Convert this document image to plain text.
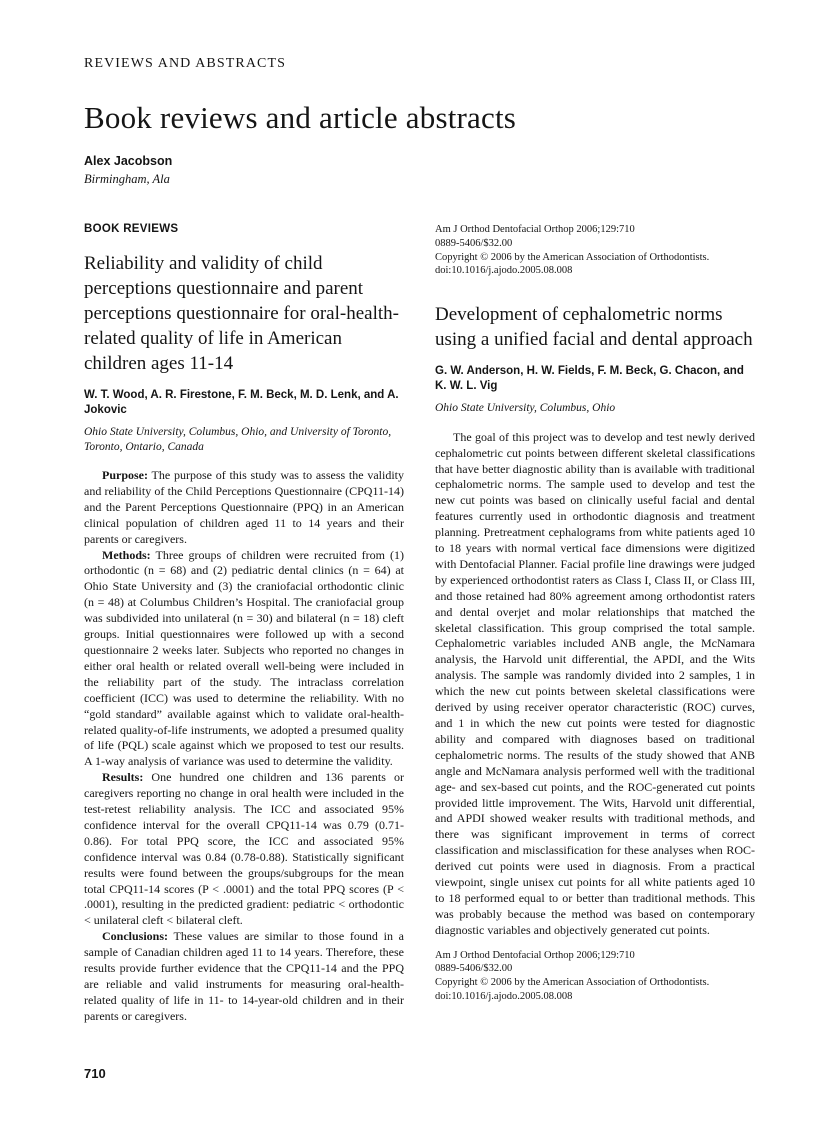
REVIEWS AND ABSTRACTS
Book reviews and article abstracts
Alex Jacobson
Birmingham, Ala
BOOK REVIEWS
Reliability and validity of child perceptions questionnaire and parent perceptions questionnaire for oral-health-related quality of life in American children ages 11-14
W. T. Wood, A. R. Firestone, F. M. Beck, M. D. Lenk, and A. Jokovic
Ohio State University, Columbus, Ohio, and University of Toronto, Toronto, Ontario, Canada

Purpose: The purpose of this study was to assess the validity and reliability of the Child Perceptions Questionnaire (CPQ11-14) and the Parent Perceptions Questionnaire (PPQ) in an American clinical population of children aged 11 to 14 years and their parents or caregivers.

Methods: Three groups of children were recruited from (1) orthodontic (n = 68) and (2) pediatric dental clinics (n = 64) at Ohio State University and (3) the craniofacial orthodontic clinic (n = 48) at Columbus Children’s Hospital. The craniofacial group was subdivided into unilateral (n = 30) and bilateral (n = 18) cleft groups. Initial questionnaires were followed up with a second questionnaire 2 weeks later. Subjects who reported no changes in either oral health or related overall well-being were included in the reliability part of the study. The intraclass correlation coefficient (ICC) was used to determine the reliability. With no “gold standard” available against which to validate oral-health-related quality-of-life instruments, we adopted a presumed quality of life (PQL) scale against which we proposed to test our results. A 1-way analysis of variance was used to determine the validity.

Results: One hundred one children and 136 parents or caregivers reporting no change in oral health were included in the test-retest reliability analysis. The ICC and associated 95% confidence interval for the overall CPQ11-14 was 0.79 (0.71-0.86). For total PPQ score, the ICC and associated 95% confidence interval was 0.84 (0.78-0.88). Statistically significant results were found between the groups/subgroups for the mean total CPQ11-14 scores (P < .0001) and the total PPQ scores (P < .0001), resulting in the predicted gradient: pediatric < orthodontic < unilateral cleft < bilateral cleft.

Conclusions: These values are similar to those found in a sample of Canadian children aged 11 to 14 years. Therefore, these results provide further evidence that the CPQ11-14 and the PPQ are reliable and valid instruments for measuring oral-health-related quality of life in 11- to 14-year-old children and in their parents or caregivers.

Am J Orthod Dentofacial Orthop 2006;129:710
0889-5406/$32.00
Copyright © 2006 by the American Association of Orthodontists.
doi:10.1016/j.ajodo.2005.08.008
Development of cephalometric norms using a unified facial and dental approach
G. W. Anderson, H. W. Fields, F. M. Beck, G. Chacon, and K. W. L. Vig
Ohio State University, Columbus, Ohio

The goal of this project was to develop and test newly derived cephalometric cut points between different skeletal classifications that have better diagnostic ability than is available with traditional cephalometric norms. The sample used to develop and test the new cut points was based on clinically useful facial and dental features currently used in orthodontic diagnosis and treatment planning. Pretreatment cephalograms from white patients aged 10 to 18 years with normal vertical face dimensions were digitized with Dentofacial Planner. Facial profile line drawings were judged by experienced orthodontist raters as Class I, Class II, or Class III, and those retained had 80% agreement among orthodontist raters and dental overjet and molar relationships that matched the skeletal classification. This group comprised the total sample. Cephalometric variables included ANB angle, the McNamara analysis, the Harvold unit differential, the APDI, and the Wits analysis. The sample was randomly divided into 2 samples, 1 in which the new cut points between skeletal classifications were derived by using receiver operator characteristic (ROC) curves, and 1 in which the new cut points were tested for diagnostic ability and compared with diagnoses based on traditional cephalometric norms. The results of the study showed that ANB angle and McNamara analysis performed well with the traditional age- and sex-based cut points, and the ROC-generated cut points provided little improvement. The Wits, Harvold unit differential, and APDI showed weaker results with traditional methods, and there was significant improvement in terms of correct classification and misclassification for these analyses when ROC-derived cut points were used in diagnosis. From a practical viewpoint, single unisex cut points for all white patients aged 10 to 18 performed equal to or better than traditional methods. This was probably because the method was based on contemporary diagnostic variables and objectively generated cut points.

Am J Orthod Dentofacial Orthop 2006;129:710
0889-5406/$32.00
Copyright © 2006 by the American Association of Orthodontists.
doi:10.1016/j.ajodo.2005.08.008
710
